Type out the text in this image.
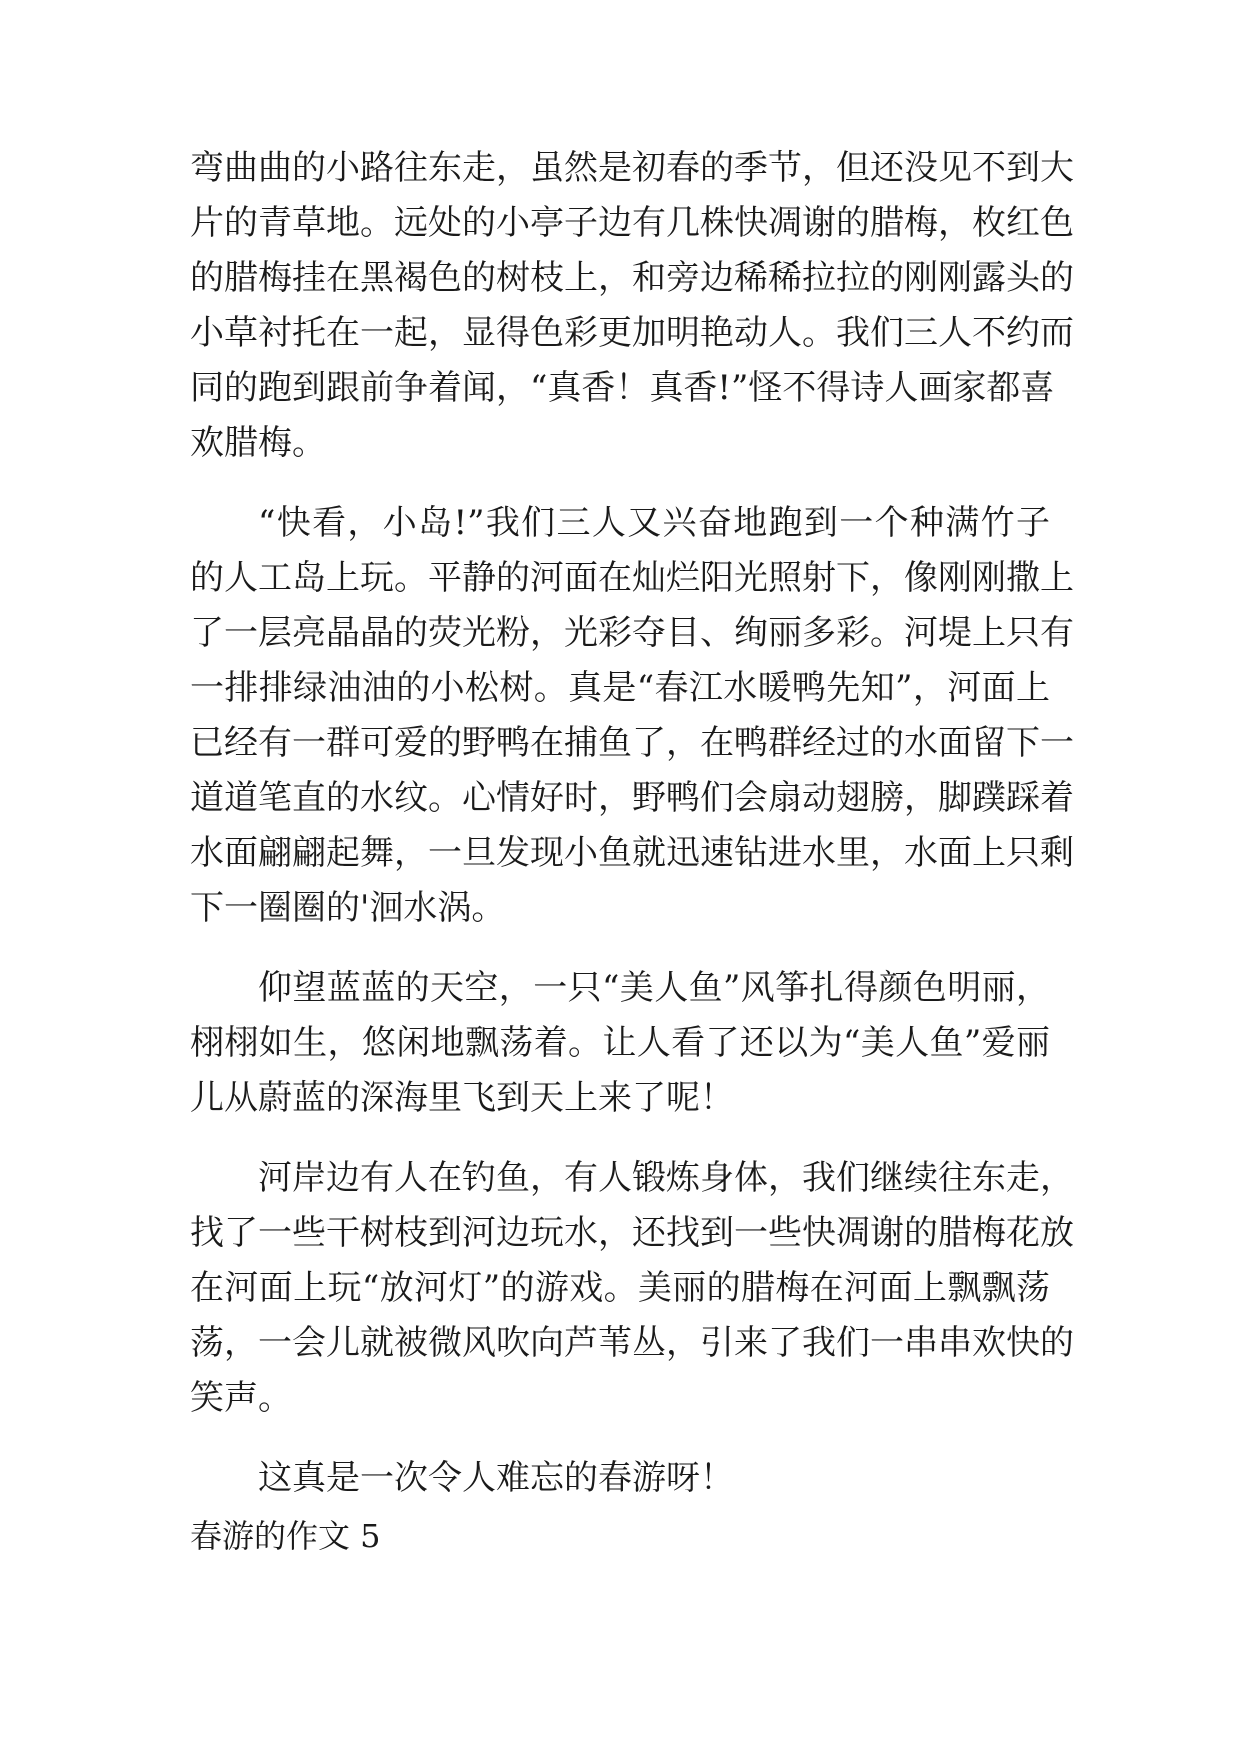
弯曲曲的小路往东走，虽然是初春的季节，但还没见不到大
片的青草地。远处的小亭子边有几株快凋谢的腊梅，枚红色
的腊梅挂在黑褐色的树枝上，和旁边稀稀拉拉的刚刚露头的
小草衬托在一起，显得色彩更加明艳动人。我们三人不约而
同的跑到跟前争着闻，“真香！真香!”怪不得诗人画家都喜
欢腊梅。
“快看，小岛!”我们三人又兴奋地跑到一个种满竹子
的人工岛上玩。平静的河面在灿烂阳光照射下，像刚刚撒上
了一层亮晶晶的荧光粉，光彩夺目、绚丽多彩。河堤上只有
一排排绿油油的小松树。真是“春江水暖鸭先知”，河面上
已经有一群可爱的野鸭在捕鱼了，在鸭群经过的水面留下一
道道笔直的水纹。心情好时，野鸭们会扇动翅膀，脚蹼踩着
水面翩翩起舞，一旦发现小鱼就迅速钻进水里，水面上只剩
下一圈圈的'洄水涡。
仰望蓝蓝的天空，一只“美人鱼”风筝扎得颜色明丽，
栩栩如生，悠闲地飘荡着。让人看了还以为“美人鱼”爱丽
儿从蔚蓝的深海里飞到天上来了呢！
河岸边有人在钓鱼，有人锻炼身体，我们继续往东走，
找了一些干树枝到河边玩水，还找到一些快凋谢的腊梅花放
在河面上玩“放河灯”的游戏。美丽的腊梅在河面上飘飘荡
荡，一会儿就被微风吹向芦苇丛，引来了我们一串串欢快的
笑声。
这真是一次令人难忘的春游呀！
春游的作文 5
